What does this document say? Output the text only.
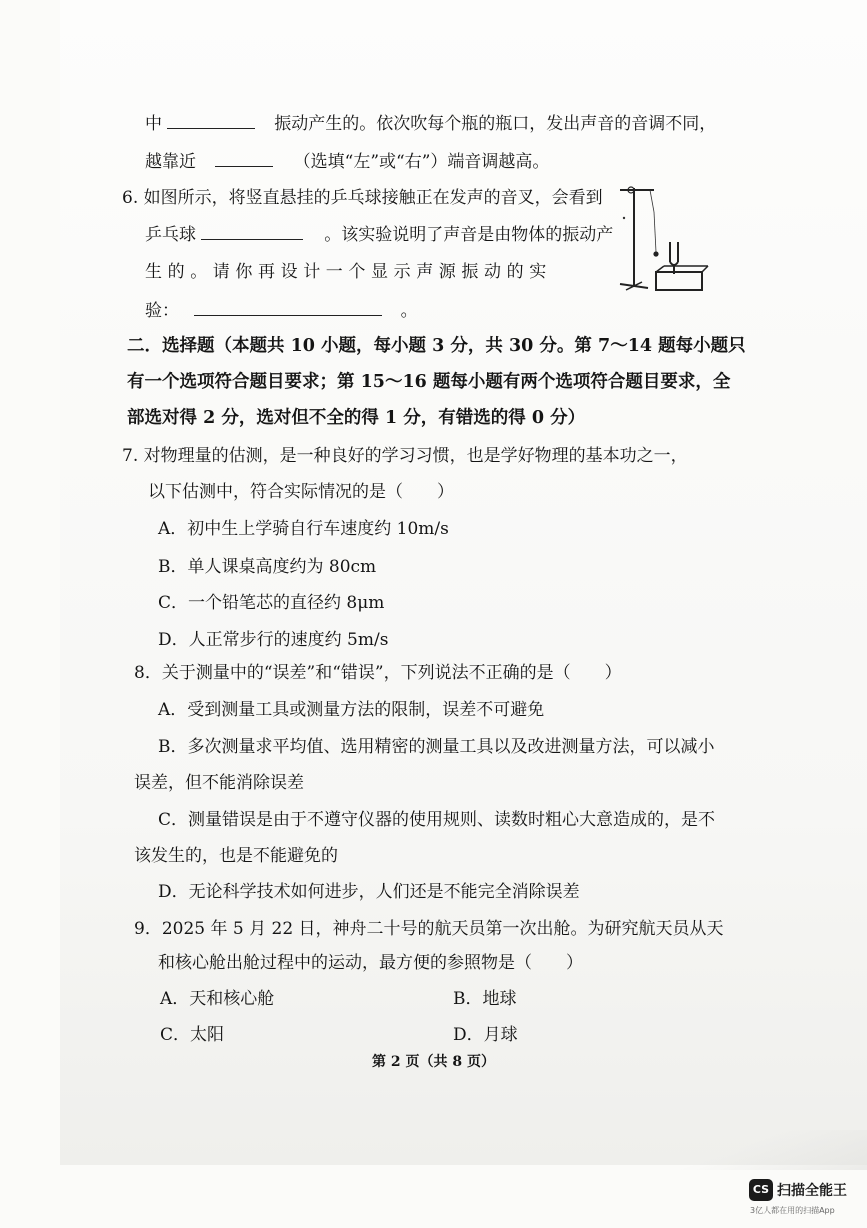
中	振动产生的。依次吹每个瓶的瓶口，发出声音的音调不同，
越靠近	（选填“左”或“右”）端音调越高。
6. 如图所示，将竖直悬挂的乒乓球接触正在发声的音叉，会看到
乒乓球	。该实验说明了声音是由物体的振动产
生的。请你再设计一个显示声源振动的实
验：	。
二．选择题（本题共 10 小题，每小题 3 分，共 30 分。第 7～14 题每小题只
有一个选项符合题目要求；第 15～16 题每小题有两个选项符合题目要求，全
部选对得 2 分，选对但不全的得 1 分，有错选的得 0 分）
7. 对物理量的估测，是一种良好的学习习惯，也是学好物理的基本功之一，
以下估测中，符合实际情况的是（　　）
A．初中生上学骑自行车速度约 10m/s
B．单人课桌高度约为 80cm
C．一个铅笔芯的直径约 8μm
D．人正常步行的速度约 5m/s
8．关于测量中的“误差”和“错误”，下列说法不正确的是（　　）
A．受到测量工具或测量方法的限制，误差不可避免
B．多次测量求平均值、选用精密的测量工具以及改进测量方法，可以减小
误差，但不能消除误差
C．测量错误是由于不遵守仪器的使用规则、读数时粗心大意造成的，是不
该发生的，也是不能避免的
D．无论科学技术如何进步，人们还是不能完全消除误差
9．2025 年 5 月 22 日，神舟二十号的航天员第一次出舱。为研究航天员从天
和核心舱出舱过程中的运动，最方便的参照物是（　　）
A．天和核心舱	B．地球
C．太阳	D．月球
第 2 页（共 8 页）
CS 扫描全能王
3亿人都在用的扫描App
